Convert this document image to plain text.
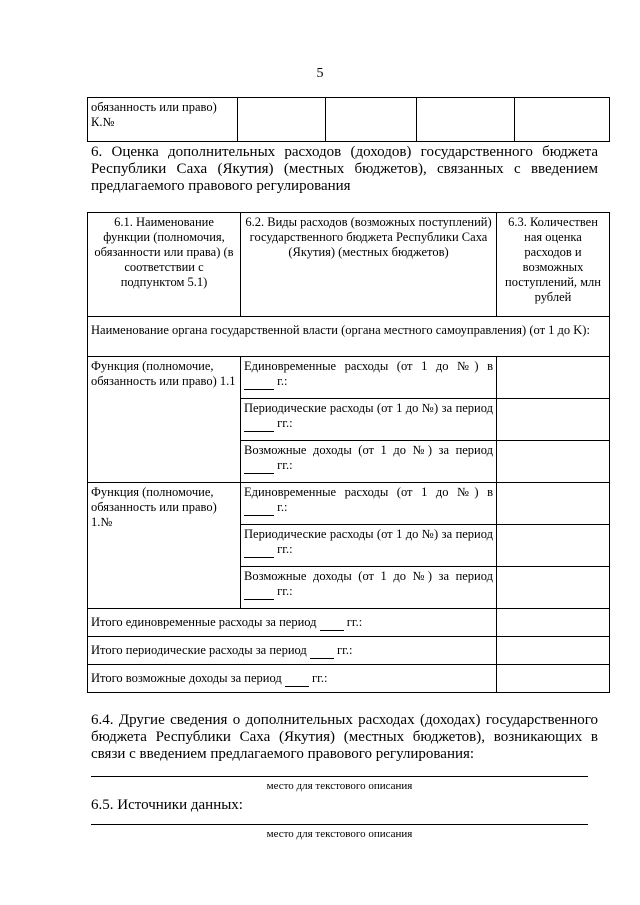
5
обязанность или право)
К.№

6. Оценка дополнительных расходов (доходов) государственного бюджета Республики Саха (Якутия) (местных бюджетов), связанных с введением предлагаемого правового регулирования
6.1. Наименование функции (полномочия, обязанности или права) (в соответствии с подпунктом 5.1)	6.2. Виды расходов (возможных поступлений) государственного бюджета Республики Саха (Якутия) (местных бюджетов)	6.3. Количествен ная оценка расходов и возможных поступлений, млн рублей
Наименование органа государственной власти (органа местного самоуправления) (от 1 до K):		
Функция (полномочие, обязанность или право) 1.1	Единовременные расходы (от 1 до №) в
г.:	

	Периодические расходы (от 1 до №) за период
гг.:	

	Возможные доходы (от 1 до №) за период
гг.:	

Функция (полномочие, обязанность или право) 1.№	Единовременные расходы (от 1 до №) в
г.:	

	Периодические расходы (от 1 до №) за период
гг.:	

	Возможные доходы (от 1 до №) за период
гг.:	

Итого единовременные расходы за период гг.:		
Итого периодические расходы за период гг.:		
Итого возможные доходы за период гг.:		
6.4. Другие сведения о дополнительных расходах (доходах) государственного бюджета Республики Саха (Якутия) (местных бюджетов), возникающих в связи с введением предлагаемого правового регулирования:
место для текстового описания
6.5. Источники данных:
место для текстового описания
